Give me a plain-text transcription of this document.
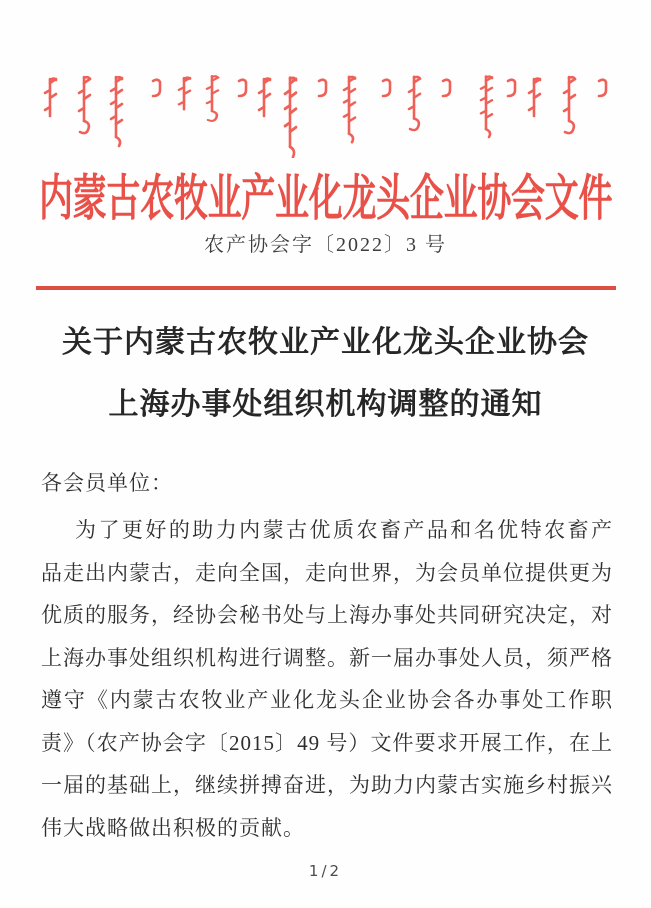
内蒙古农牧业产业化龙头企业协会文件
农产协会字〔2022〕3 号
关于内蒙古农牧业产业化龙头企业协会
上海办事处组织机构调整的通知
各会员单位：
为了更好的助力内蒙古优质农畜产品和名优特农畜产
品走出内蒙古，走向全国，走向世界，为会员单位提供更为
优质的服务，经协会秘书处与上海办事处共同研究决定，对
上海办事处组织机构进行调整。新一届办事处人员，须严格
遵守《内蒙古农牧业产业化龙头企业协会各办事处工作职
责》（农产协会字〔2015〕49 号）文件要求开展工作，在上
一届的基础上，继续拼搏奋进，为助力内蒙古实施乡村振兴
伟大战略做出积极的贡献。
1/2
